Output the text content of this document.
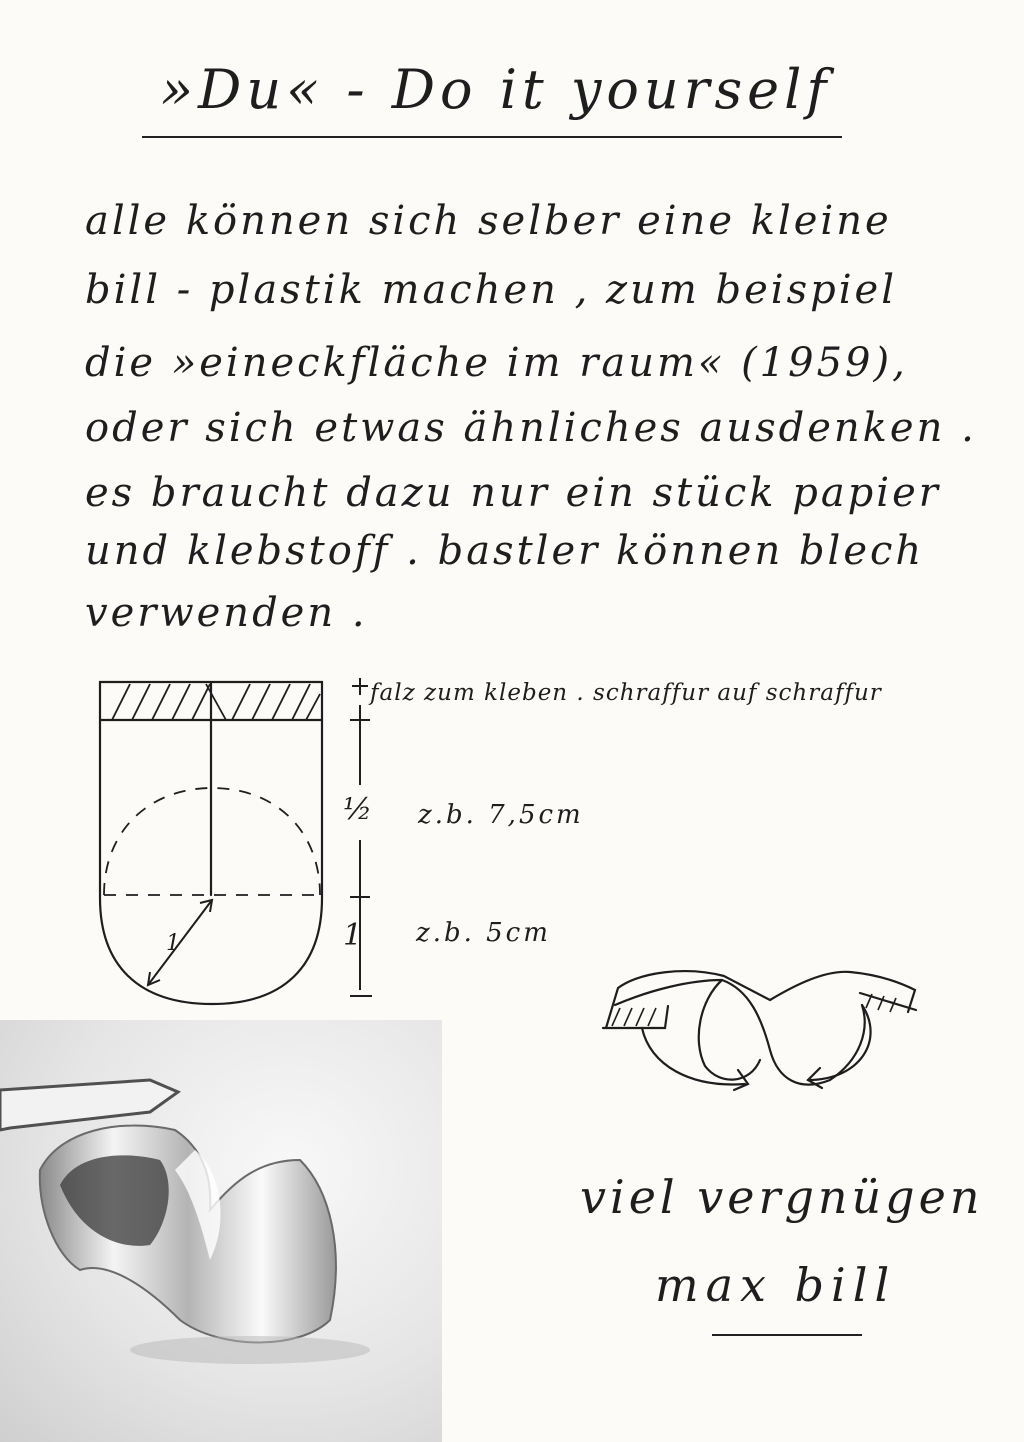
»Du« - Do it yourself

alle können sich selber eine kleine

bill - plastik machen , zum beispiel

die »eineckfläche im raum« (1959),

oder sich etwas ähnliches ausdenken .

es braucht dazu nur ein stück papier

und klebstoff . bastler können blech

verwenden .

1

falz zum kleben . schraffur auf schraffur

½ z.b. 7,5cm

1 z.b. 5cm

viel vergnügen

max bill
